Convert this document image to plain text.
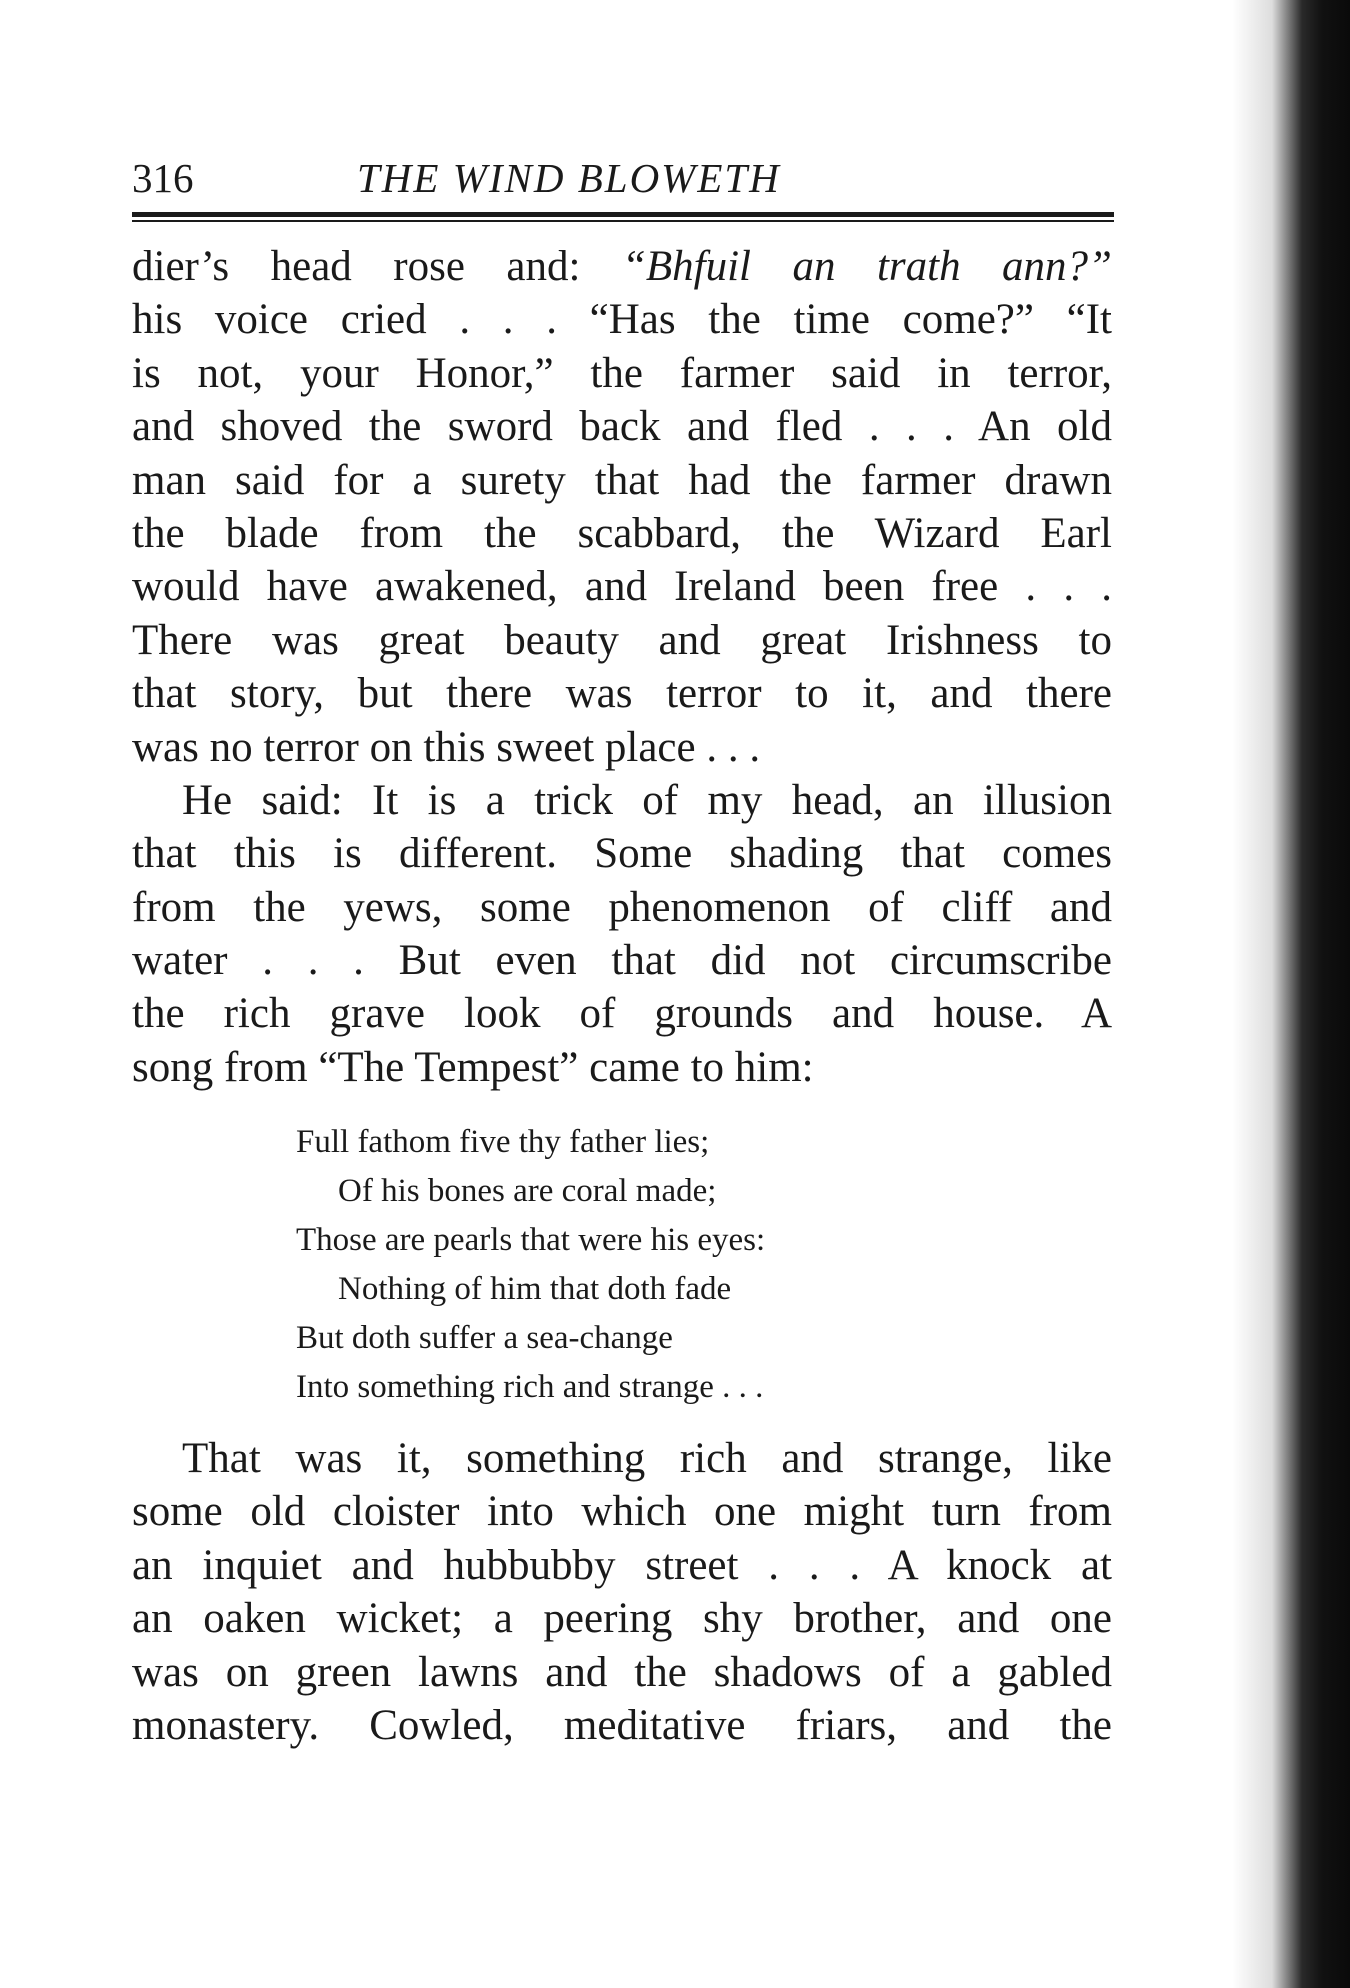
316	THE WIND BLOWETH
dier’s head rose and: “Bhfuil an trath ann?”
his voice cried . . . “Has the time come?” “It
is not, your Honor,” the farmer said in terror,
and shoved the sword back and fled . . . An old
man said for a surety that had the farmer drawn
the blade from the scabbard, the Wizard Earl
would have awakened, and Ireland been free . . .
There was great beauty and great Irishness to
that story, but there was terror to it, and there
was no terror on this sweet place . . .
He said: It is a trick of my head, an illusion
that this is different. Some shading that comes
from the yews, some phenomenon of cliff and
water . . . But even that did not circumscribe
the rich grave look of grounds and house. A
song from “The Tempest” came to him:
Full fathom five thy father lies;
Of his bones are coral made;
Those are pearls that were his eyes:
Nothing of him that doth fade
But doth suffer a sea-change
Into something rich and strange . . .
That was it, something rich and strange, like
some old cloister into which one might turn from
an inquiet and hubbubby street . . . A knock at
an oaken wicket; a peering shy brother, and one
was on green lawns and the shadows of a gabled
monastery. Cowled, meditative friars, and the
